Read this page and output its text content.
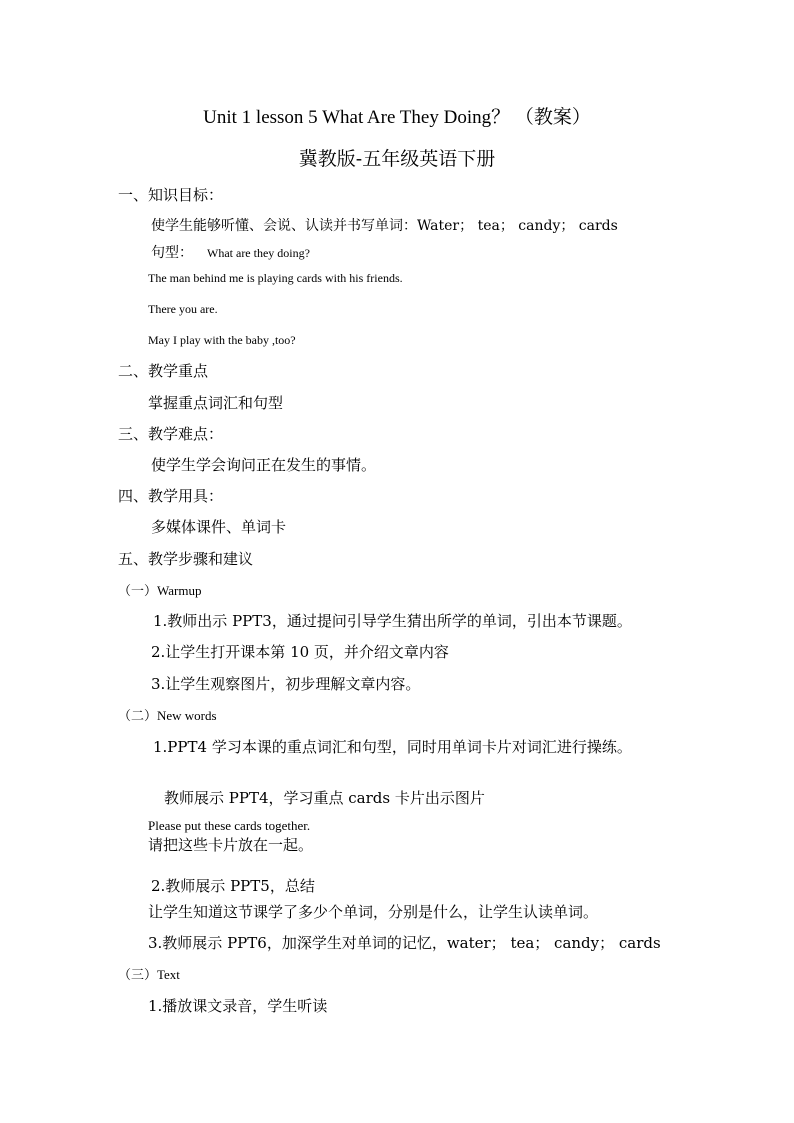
Unit 1 lesson 5 What Are They Doing？ （教案）
冀教版-五年级英语下册
一、知识目标：
使学生能够听懂、会说、认读并书写单词：Water； tea； candy； cards
句型： What are they doing?
The man behind me is playing cards with his friends.
There you are.
May I play with the baby ,too?
二、教学重点
掌握重点词汇和句型
三、教学难点：
使学生学会询问正在发生的事情。
四、教学用具：
多媒体课件、单词卡
五、教学步骤和建议
（一）Warmup
1.教师出示 PPT3，通过提问引导学生猜出所学的单词，引出本节课题。
2.让学生打开课本第 10 页，并介绍文章内容
3.让学生观察图片，初步理解文章内容。
（二）New words
1.PPT4 学习本课的重点词汇和句型，同时用单词卡片对词汇进行操练。
教师展示 PPT4，学习重点 cards 卡片出示图片
Please put these cards together.
请把这些卡片放在一起。
2.教师展示 PPT5，总结
让学生知道这节课学了多少个单词，分别是什么，让学生认读单词。
3.教师展示 PPT6，加深学生对单词的记忆，water； tea； candy； cards
（三）Text
1.播放课文录音，学生听读
